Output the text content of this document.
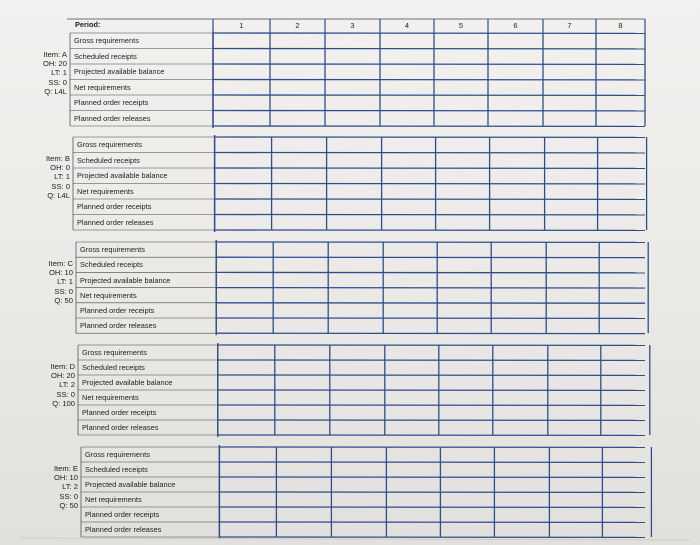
Period:	1	2	3	4	5	6	7	8
Gross requirements
Scheduled receipts
Projected available balance
Net requirements
Planned order receipts
Planned order releases
Item: A
OH: 20
LT: 1
SS: 0
Q: L4L
Gross requirements
Scheduled receipts
Projected available balance
Net requirements
Planned order receipts
Planned order releases
Item: B
OH: 0
LT: 1
SS: 0
Q: L4L
Gross requirements
Scheduled receipts
Projected available balance
Net requirements
Planned order receipts
Planned order releases
Item: C
OH: 10
LT: 1
SS: 0
Q: 50
Gross requirements
Scheduled receipts
Projected available balance
Net requirements
Planned order receipts
Planned order releases
Item: D
OH: 20
LT: 2
SS: 0
Q: 100
Gross requirements
Scheduled receipts
Projected available balance
Net requirements
Planned order receipts
Planned order releases
Item: E
OH: 10
LT: 2
SS: 0
Q: 50
